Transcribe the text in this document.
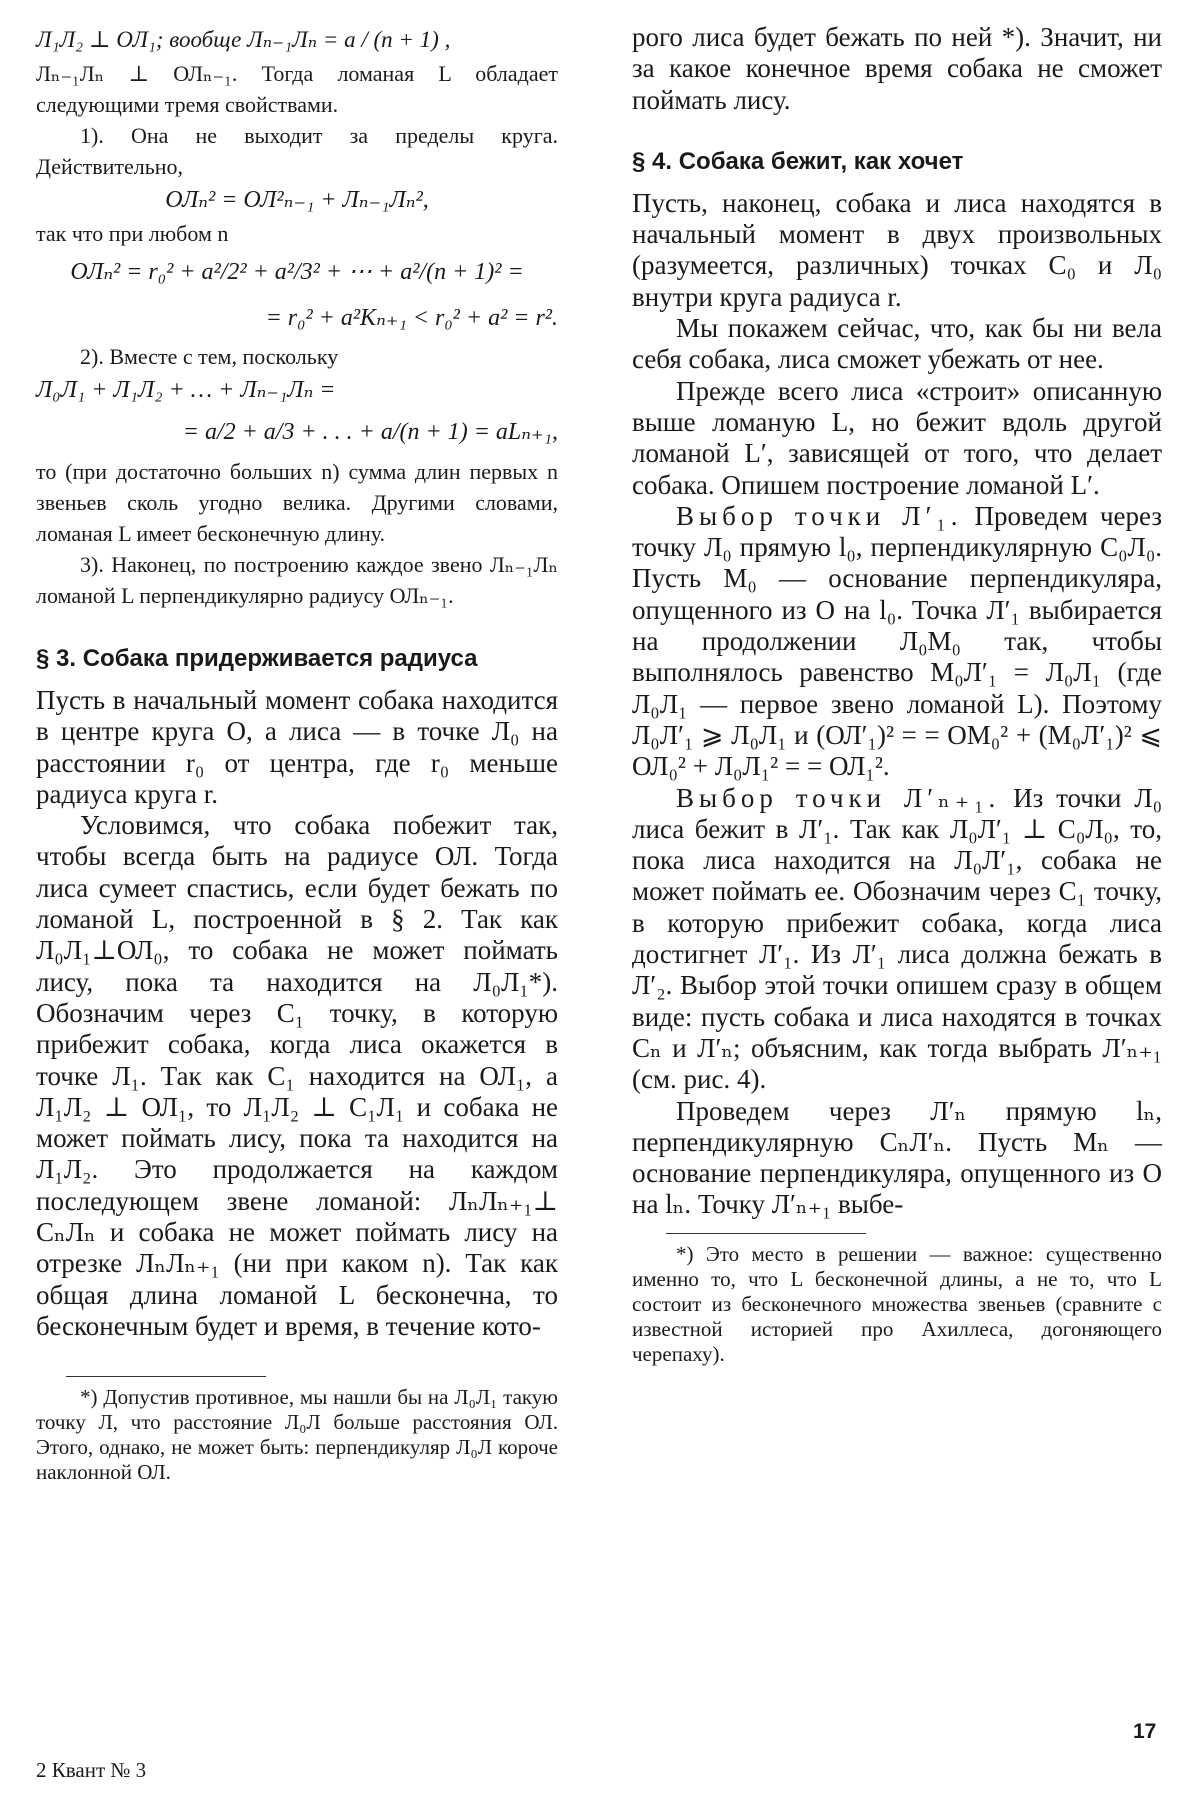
Л₁Л₂ ⊥ ОЛ₁; вообще Лₙ₋₁Лₙ = a / (n + 1) ,

Лₙ₋₁Лₙ ⊥ ОЛₙ₋₁. Тогда ломаная L обладает следующими тремя свойствами.

1). Она не выходит за пределы круга. Действительно,

ОЛₙ² = ОЛ²ₙ₋₁ + Лₙ₋₁Лₙ²,

так что при любом n

ОЛₙ² = r₀² + a²/2² + a²/3² + ⋯ + a²/(n + 1)² =

= r₀² + a²Kₙ₊₁ < r₀² + a² = r².

2). Вместе с тем, поскольку

Л₀Л₁ + Л₁Л₂ + … + Лₙ₋₁Лₙ =

= a/2 + a/3 + . . . + a/(n + 1) = aLₙ₊₁,

то (при достаточно больших n) сумма длин первых n звеньев сколь угодно велика. Другими словами, ломаная L имеет бесконечную длину.

3). Наконец, по построению каждое звено Лₙ₋₁Лₙ ломаной L перпендикулярно радиусу ОЛₙ₋₁.

§ 3. Собака придерживается радиуса

Пусть в начальный момент собака находится в центре круга О, а лиса — в точке Л₀ на расстоянии r₀ от центра, где r₀ меньше радиуса круга r.

Условимся, что собака побежит так, чтобы всегда быть на радиусе ОЛ. Тогда лиса сумеет спастись, если будет бежать по ломаной L, построенной в § 2. Так как Л₀Л₁⊥ОЛ₀, то собака не может поймать лису, пока та находится на Л₀Л₁*). Обозначим через C₁ точку, в которую прибежит собака, когда лиса окажется в точке Л₁. Так как C₁ находится на ОЛ₁, а Л₁Л₂ ⊥ ОЛ₁, то Л₁Л₂ ⊥ C₁Л₁ и собака не может поймать лису, пока та находится на Л₁Л₂. Это продолжается на каждом последующем звене ломаной: ЛₙЛₙ₊₁⊥ CₙЛₙ и собака не может поймать лису на отрезке ЛₙЛₙ₊₁ (ни при каком n). Так как общая длина ломаной L бесконечна, то бесконечным будет и время, в течение кото-

*) Допустив противное, мы нашли бы на Л₀Л₁ такую точку Л, что расстояние Л₀Л больше расстояния ОЛ. Этого, однако, не может быть: перпендикуляр Л₀Л короче наклонной ОЛ.

рого лиса будет бежать по ней *). Значит, ни за какое конечное время собака не сможет поймать лису.

§ 4. Собака бежит, как хочет

Пусть, наконец, собака и лиса находятся в начальный момент в двух произвольных (разумеется, различных) точках C₀ и Л₀ внутри круга радиуса r.

Мы покажем сейчас, что, как бы ни вела себя собака, лиса сможет убежать от нее.

Прежде всего лиса «строит» описанную выше ломаную L, но бежит вдоль другой ломаной L′, зависящей от того, что делает собака. Опишем построение ломаной L′.

Выбор точки Л′₁. Проведем через точку Л₀ прямую l₀, перпендикулярную C₀Л₀. Пусть M₀ — основание перпендикуляра, опущенного из О на l₀. Точка Л′₁ выбирается на продолжении Л₀M₀ так, чтобы выполнялось равенство M₀Л′₁ = Л₀Л₁ (где Л₀Л₁ — первое звено ломаной L). Поэтому Л₀Л′₁ ⩾ Л₀Л₁ и (ОЛ′₁)² = = ОM₀² + (M₀Л′₁)² ⩽ ОЛ₀² + Л₀Л₁² = = ОЛ₁².

Выбор точки Л′ₙ₊₁. Из точки Л₀ лиса бежит в Л′₁. Так как Л₀Л′₁ ⊥ C₀Л₀, то, пока лиса находится на Л₀Л′₁, собака не может поймать ее. Обозначим через C₁ точку, в которую прибежит собака, когда лиса достигнет Л′₁. Из Л′₁ лиса должна бежать в Л′₂. Выбор этой точки опишем сразу в общем виде: пусть собака и лиса находятся в точках Cₙ и Л′ₙ; объясним, как тогда выбрать Л′ₙ₊₁ (см. рис. 4).

Проведем через Л′ₙ прямую lₙ, перпендикулярную CₙЛ′ₙ. Пусть Mₙ — основание перпендикуляра, опущенного из О на lₙ. Точку Л′ₙ₊₁ выбе-

*) Это место в решении — важное: существенно именно то, что L бесконечной длины, а не то, что L состоит из бесконечного множества звеньев (сравните с известной историей про Ахиллеса, догоняющего черепаху).

2 Квант № 3
17
